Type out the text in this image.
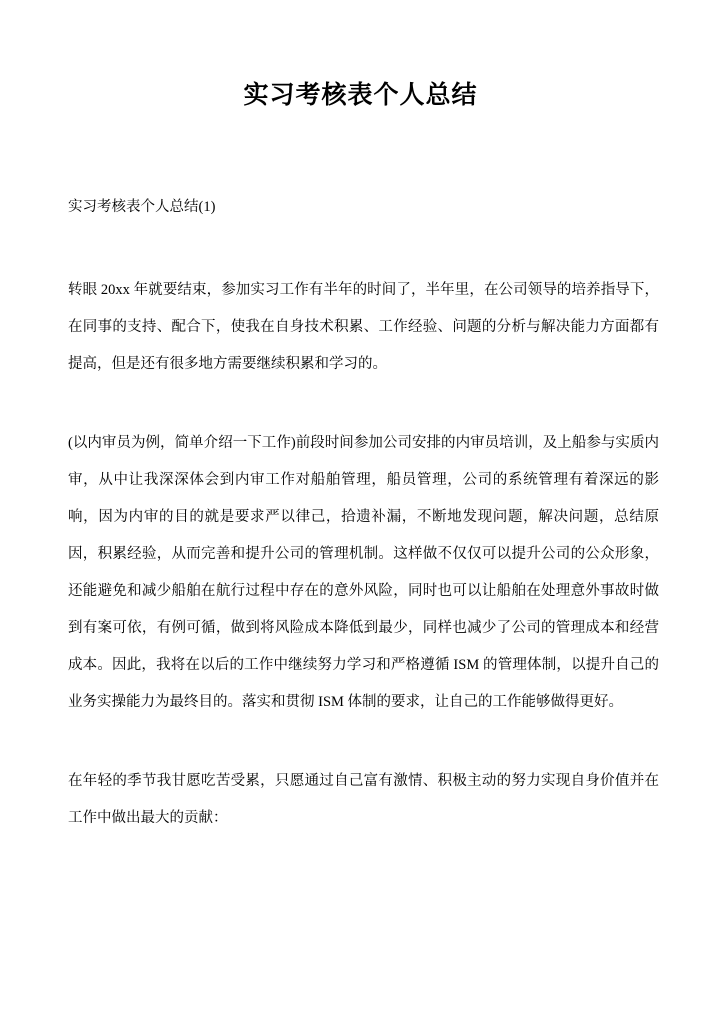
实习考核表个人总结

实习考核表个人总结(1)

转眼 20xx 年就要结束，参加实习工作有半年的时间了，半年里，在公司领导的培养指导下，在同事的支持、配合下，使我在自身技术积累、工作经验、问题的分析与解决能力方面都有提高，但是还有很多地方需要继续积累和学习的。

(以内审员为例，简单介绍一下工作)前段时间参加公司安排的内审员培训，及上船参与实质内审，从中让我深深体会到内审工作对船舶管理，船员管理，公司的系统管理有着深远的影响，因为内审的目的就是要求严以律己，拾遗补漏，不断地发现问题，解决问题，总结原因，积累经验，从而完善和提升公司的管理机制。这样做不仅仅可以提升公司的公众形象，还能避免和减少船舶在航行过程中存在的意外风险，同时也可以让船舶在处理意外事故时做到有案可依，有例可循，做到将风险成本降低到最少，同样也减少了公司的管理成本和经营成本。因此，我将在以后的工作中继续努力学习和严格遵循 ISM 的管理体制，以提升自己的业务实操能力为最终目的。落实和贯彻 ISM 体制的要求，让自己的工作能够做得更好。

在年轻的季节我甘愿吃苦受累，只愿通过自己富有激情、积极主动的努力实现自身价值并在工作中做出最大的贡献：
